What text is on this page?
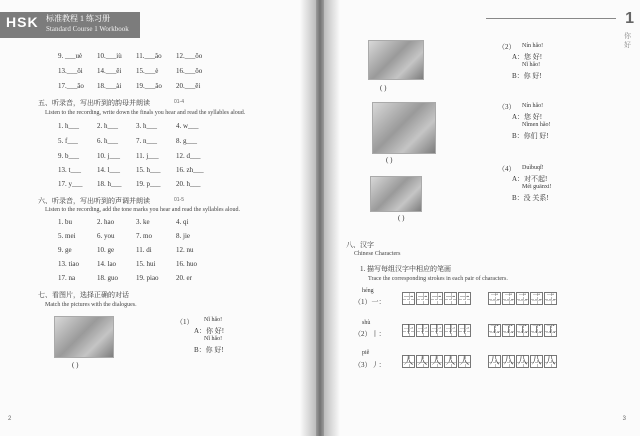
HSK 标准教程 1 练习册
Standard Course 1 Workbook
9. ___uè 10.___iù 11.___ǎo 12.___ǒo
13.___ǒi 14.___ěi 15.___è	16.___ǒo
17.___āo 18.___ài 19.___ǎo 20.___ēi
五、听录音，写出听到的韵母并朗读	01-4
Listen to the recording, write down the finals you hear and read the syllables aloud.
1. h___	2. h___	3. h___	4. w___
5. f___	6. h___	7. n___	8. g___
9. b___	10. j___ 11. j___ 12. d___
13. t___ 14. l___ 15. h___ 16. zh___
17. y___ 18. h___ 19. p___ 20. h___
六、听录音，写出听到的声调并朗读	01-5
Listen to the recording, add the tone marks you hear and read the syllables aloud.
1. bu	2. hao	3. ke	4. qi
5. mei	6. you	7. mo	8. jie
9. ge	10. ge	11. di	12. nu
13. tiao	14. lao	15. hui	16. huo
17. na	18. guo	19. piao 20. er
七、看图片，选择正确的对话
Match the pictures with the dialogues.
( )
（1） Nǐ hǎo!
A：你 好!
Nǐ hǎo!
B：你 好!
2
1
你好
( )
（2） Nín hǎo!
A：您 好!
Nǐ hǎo!
B：你 好!
( )
（3） Nín hǎo!
A：您 好!
Nǐmen hǎo!
B：你们 好!
( )
（4） Duìbuqǐ!
A：对不起!
Méi guānxi!
B：没 关系!
八、汉字
Chinese Characters
1. 描写每组汉字中相应的笔画
Trace the corresponding strokes in each pair of characters.
héng
（1）一： 一 一 一 一 一 二 二 二 二 二
shù
（2）丨： 十 十 十 十 十 工 工 工 工 工
piě
（3）丿： 人 人 人 人 人 八 八 八 八 八
3
